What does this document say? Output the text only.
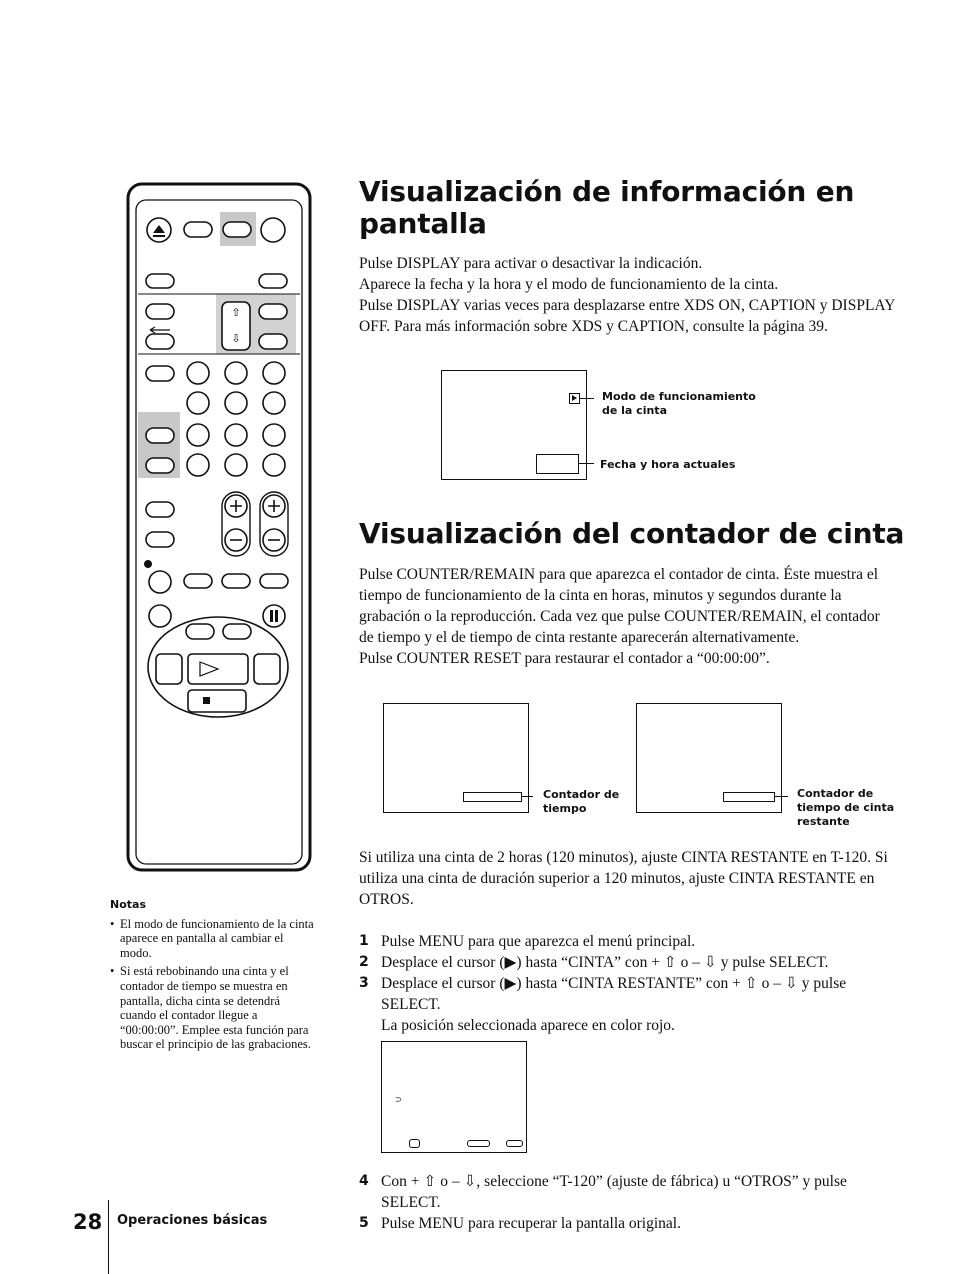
⇧
⇩
Notas
• El modo de funcionamiento de la cinta aparece en pantalla al cambiar el modo.
• Si está rebobinando una cinta y el contador de tiempo se muestra en pantalla, dicha cinta se detendrá cuando el contador llegue a “00:00:00”. Emplee esta función para buscar el principio de las grabaciones.
Visualización de información en pantalla

Pulse DISPLAY para activar o desactivar la indicación.

Aparece la fecha y la hora y el modo de funcionamiento de la cinta.

Pulse DISPLAY varias veces para desplazarse entre XDS ON, CAPTION y DISPLAY OFF. Para más información sobre XDS y CAPTION, consulte la página 39.

Modo de funcionamiento de la cinta
Fecha y hora actuales
Visualización del contador de cinta

Pulse COUNTER/REMAIN para que aparezca el contador de cinta. Éste muestra el tiempo de funcionamiento de la cinta en horas, minutos y segundos durante la grabación o la reproducción. Cada vez que pulse COUNTER/REMAIN, el contador de tiempo y el de tiempo de cinta restante aparecerán alternativamente.

Pulse COUNTER RESET para restaurar el contador a “00:00:00”.

Contador de tiempo
Contador de tiempo de cinta restante
Si utiliza una cinta de 2 horas (120 minutos), ajuste CINTA RESTANTE en T-120. Si utiliza una cinta de duración superior a 120 minutos, ajuste CINTA RESTANTE en OTROS.
1 Pulse MENU para que aparezca el menú principal.
2 Desplace el cursor (▶) hasta “CINTA” con + ⇧ o – ⇩ y pulse SELECT.
3 Desplace el cursor (▶) hasta “CINTA RESTANTE” con + ⇧ o – ⇩ y pulse SELECT.
La posición seleccionada aparece en color rojo.
⊃
4 Con + ⇧ o – ⇩, seleccione “T-120” (ajuste de fábrica) u “OTROS” y pulse SELECT.
5 Pulse MENU para recuperar la pantalla original.
28 Operaciones básicas
